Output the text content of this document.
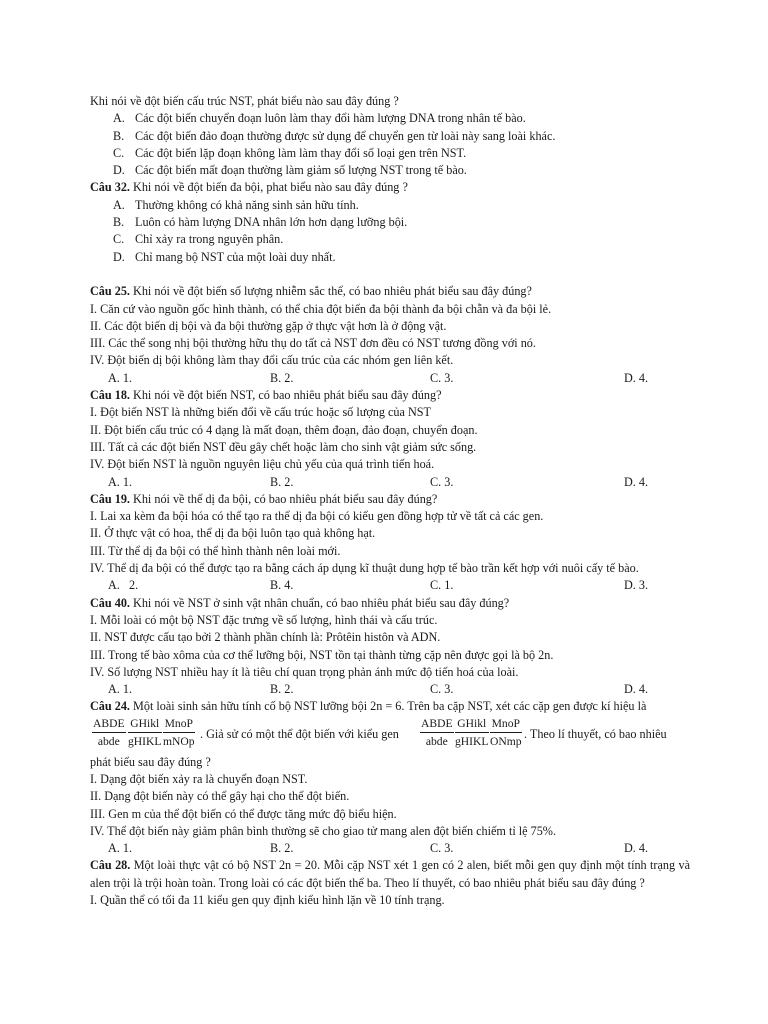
Khi nói về đột biến cấu trúc NST, phát biểu nào sau đây đúng ?
A. Các đột biến chuyển đoạn luôn làm thay đổi hàm lượng DNA trong nhân tế bào.
B. Các đột biến đảo đoạn thường được sử dụng để chuyển gen từ loài này sang loài khác.
C. Các đột biến lặp đoạn không làm làm thay đổi số loại gen trên NST.
D. Các đột biến mất đoạn thường làm giảm số lượng NST trong tế bào.
Câu 32. Khi nói về đột biến đa bội, phat biểu nào sau đây đúng ?
A. Thường không có khả năng sinh sản hữu tính.
B. Luôn có hàm lượng DNA nhân lớn hơn dạng lưỡng bội.
C. Chỉ xảy ra trong nguyên phân.
D. Chỉ mang bộ NST của một loài duy nhất.
Câu 25. Khi nói về đột biến số lượng nhiễm sắc thể, có bao nhiêu phát biểu sau đây đúng?
I. Căn cứ vào nguồn gốc hình thành, có thể chia đột biến đa bội thành đa bội chẵn và đa bội lẻ.
II. Các đột biến dị bội và đa bội thường gặp ở thực vật hơn là ở động vật.
III. Các thể song nhị bội thường hữu thụ do tất cả NST đơn đều có NST tương đồng với nó.
IV. Đột biến dị bội không làm thay đổi cấu trúc của các nhóm gen liên kết.
A. 1.	B. 2.	C. 3.	D. 4.
Câu 18. Khi nói về đột biến NST, có bao nhiêu phát biểu sau đây đúng?
I. Đột biến NST là những biến đổi về cấu trúc hoặc số lượng của NST
II. Đột biến cấu trúc có 4 dạng là mất đoạn, thêm đoạn, đảo đoạn, chuyển đoạn.
III. Tất cả các đột biến NST đều gây chết hoặc làm cho sinh vật giảm sức sống.
IV. Đột biến NST là nguồn nguyên liệu chủ yếu của quá trình tiến hoá.
A. 1.	B. 2.	C. 3.	D. 4.
Câu 19. Khi nói về thể dị đa bội, có bao nhiêu phát biểu sau đây đúng?
I. Lai xa kèm đa bội hóa có thể tạo ra thể dị đa bội có kiểu gen đồng hợp tử về tất cả các gen.
II. Ở thực vật có hoa, thể dị đa bội luôn tạo quả không hạt.
III. Từ thể dị đa bội có thể hình thành nên loài mới.
IV. Thể dị đa bội có thể được tạo ra bằng cách áp dụng kĩ thuật dung hợp tế bào trần kết hợp với nuôi cấy tế bào.
A.   2.	B. 4.	C. 1.	D. 3.
Câu 40. Khi nói về NST ở sinh vật nhân chuẩn, có bao nhiêu phát biểu sau đây đúng?
I. Mỗi loài có một bộ NST đặc trưng về số lượng, hình thái và cấu trúc.
II. NST được cấu tạo bởi 2 thành phần chính là: Prôtêin histôn và ADN.
III. Trong tế bào xôma của cơ thể lưỡng bội, NST tồn tại thành từng cặp nên được gọi là bộ 2n.
IV. Số lượng NST nhiều hay ít là tiêu chí quan trọng phản ánh mức độ tiến hoá của loài.
A. 1.	B. 2.	C. 3.	D. 4.
Câu 24. Một loài sinh sản hữu tính cố bộ NST lưỡng bội 2n = 6. Trên ba cặp NST, xét các cặp gen được kí hiệu là
ABDE
abde
GHikl
gHIKL
MnoP
mNOp
. Giả sử có một thể đột biến với kiểu gen
ABDE
abde
GHikl
gHIKL
MnoP
ONmp
. Theo lí thuyết, có bao nhiêu
phát biểu sau đây đúng ?
I. Dạng đột biến xảy ra là chuyển đoạn NST.
II. Dạng đột biến này có thể gây hại cho thể đột biến.
III. Gen m của thể đột biến có thể được tăng mức độ biểu hiện.
IV. Thể đột biến này giảm phân bình thường sẽ cho giao tử mang alen đột biến chiếm tỉ lệ 75%.
A. 1.	B. 2.	C. 3.	D. 4.
Câu 28. Một loài thực vật có bộ NST 2n = 20. Mỗi cặp NST xét 1 gen có 2 alen, biết mỗi gen quy định một tính trạng và alen trội là trội hoàn toàn. Trong loài có các đột biến thể ba. Theo lí thuyết, có bao nhiêu phát biểu sau đây đúng ?
I. Quần thể có tối đa 11 kiểu gen quy định kiểu hình lặn về 10 tính trạng.
